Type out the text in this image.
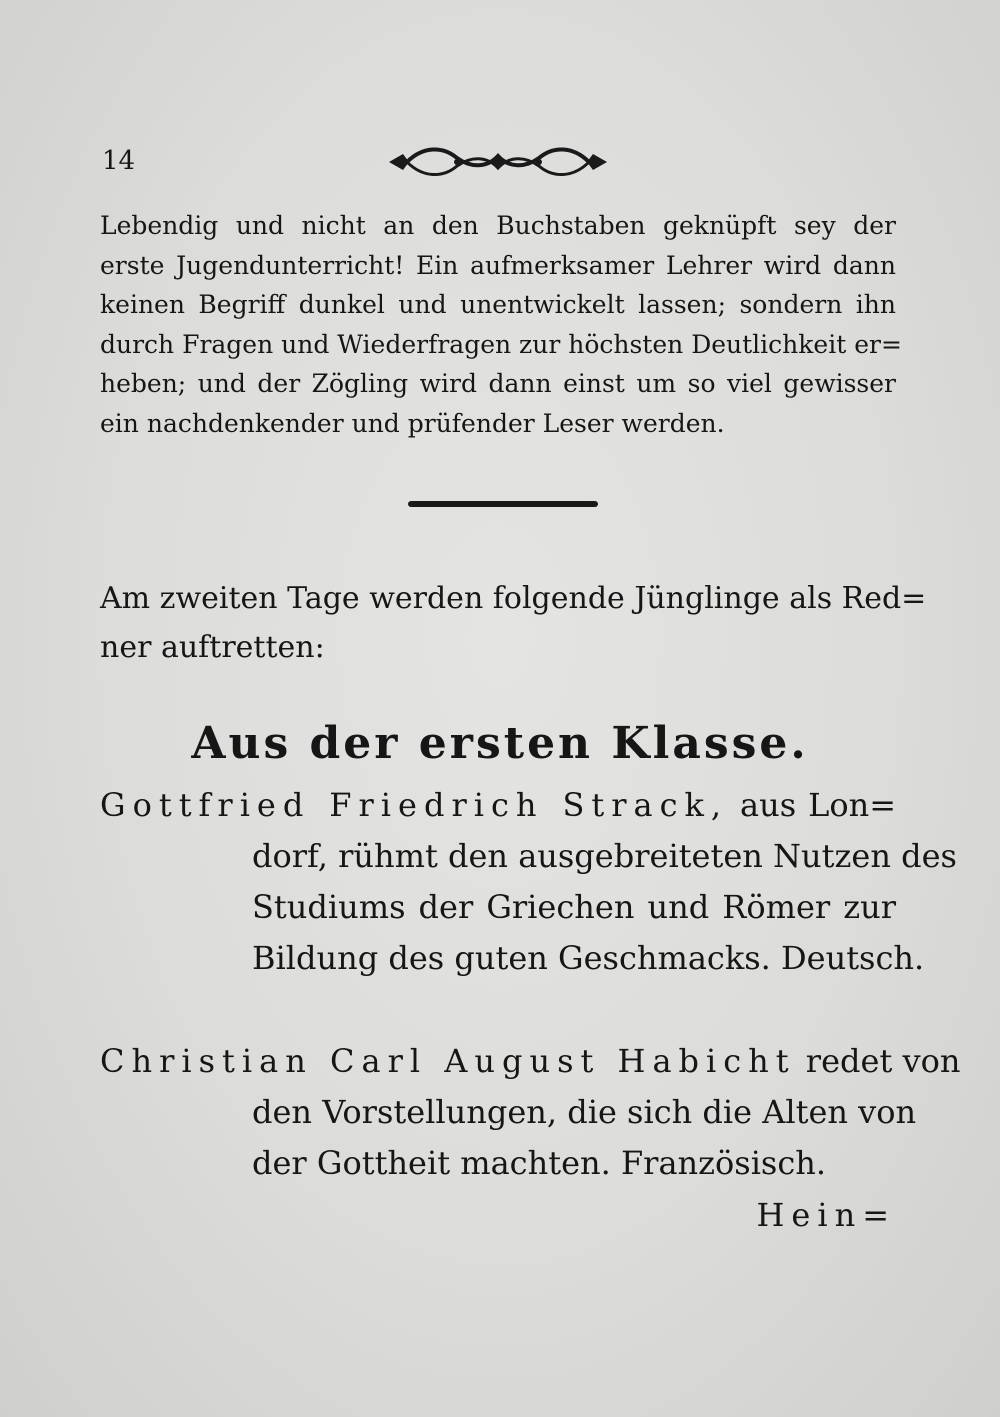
14
Lebendig und nicht an den Buchstaben geknüpft sey der
erste Jugendunterricht! Ein aufmerksamer Lehrer wird dann
keinen Begriff dunkel und unentwickelt lassen; sondern ihn
durch Fragen und Wiederfragen zur höchsten Deutlichkeit er=
heben; und der Zögling wird dann einst um so viel gewisser
ein nachdenkender und prüfender Leser werden.
Am zweiten Tage werden folgende Jünglinge als Red=
ner auftretten:
Aus der ersten Klasse.
Gottfried Friedrich Strack, aus Lon=
dorf, rühmt den ausgebreiteten Nutzen des
Studiums der Griechen und Römer zur
Bildung des guten Geschmacks. Deutsch.
Christian Carl August Habicht redet von
den Vorstellungen, die sich die Alten von
der Gottheit machten. Französisch.
Hein=
